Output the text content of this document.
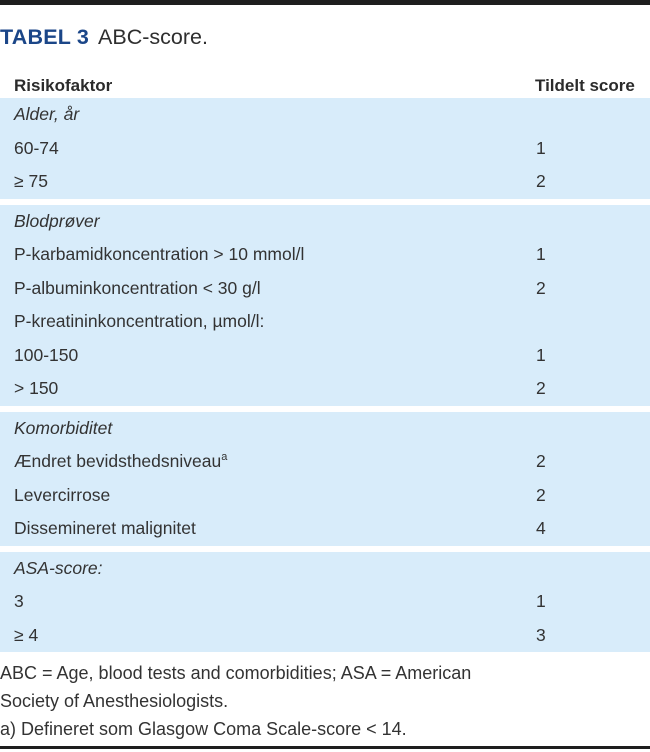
TABEL 3 ABC-score.
Risikofaktor	Tildelt score
Alder, år
60-74	1
≥ 75	2
Blodprøver
P-karbamidkoncentration > 10 mmol/l	1
P-albuminkoncentration < 30 g/l	2
P-kreatininkoncentration, µmol/l:
100-150	1
> 150	2
Komorbiditet
Ændret bevidsthedsniveau$^a$	2
Levercirrose	2
Dissemineret malignitet	4
ASA-score:
3	1
≥ 4	3
ABC = Age, blood tests and comorbidities; ASA = American
Society of Anesthesiologists.
a) Defineret som Glasgow Coma Scale-score < 14.
